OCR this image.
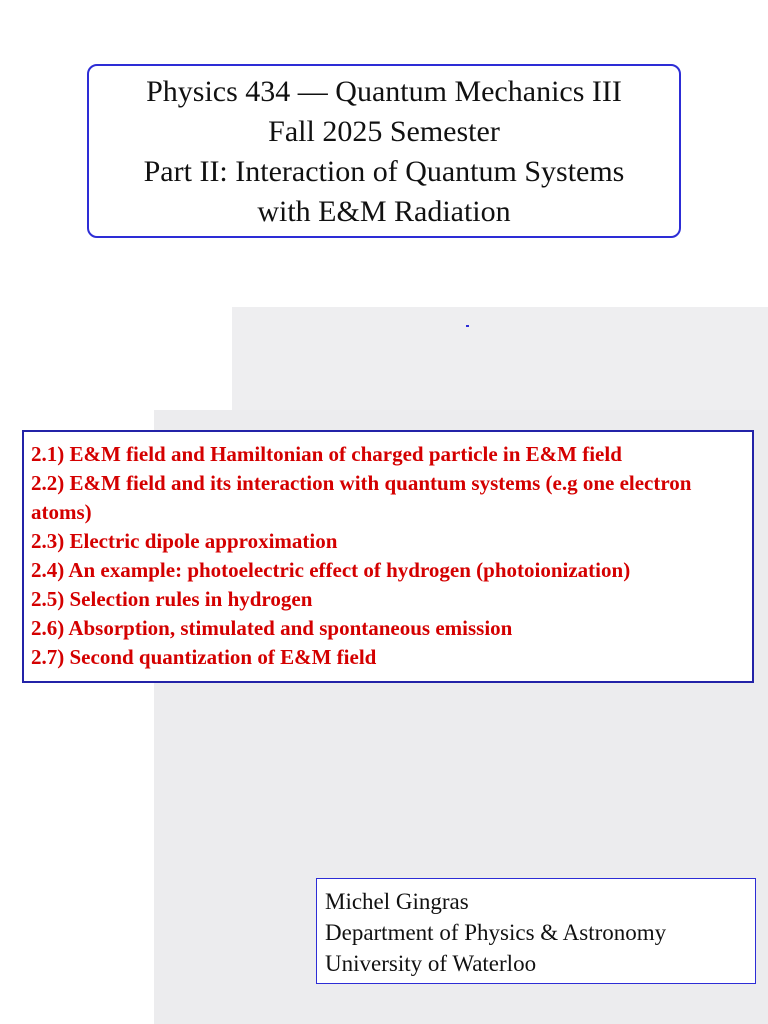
Physics 434 — Quantum Mechanics III
Fall 2025 Semester
Part II: Interaction of Quantum Systems
with E&M Radiation

2.1) E&M field and Hamiltonian of charged particle in E&M field

2.2) E&M field and its interaction with quantum systems (e.g one electron atoms)

2.3) Electric dipole approximation

2.4) An example: photoelectric effect of hydrogen (photoionization)

2.5) Selection rules in hydrogen

2.6) Absorption, stimulated and spontaneous emission

2.7) Second quantization of E&M field

Michel Gingras
Department of Physics & Astronomy
University of Waterloo
